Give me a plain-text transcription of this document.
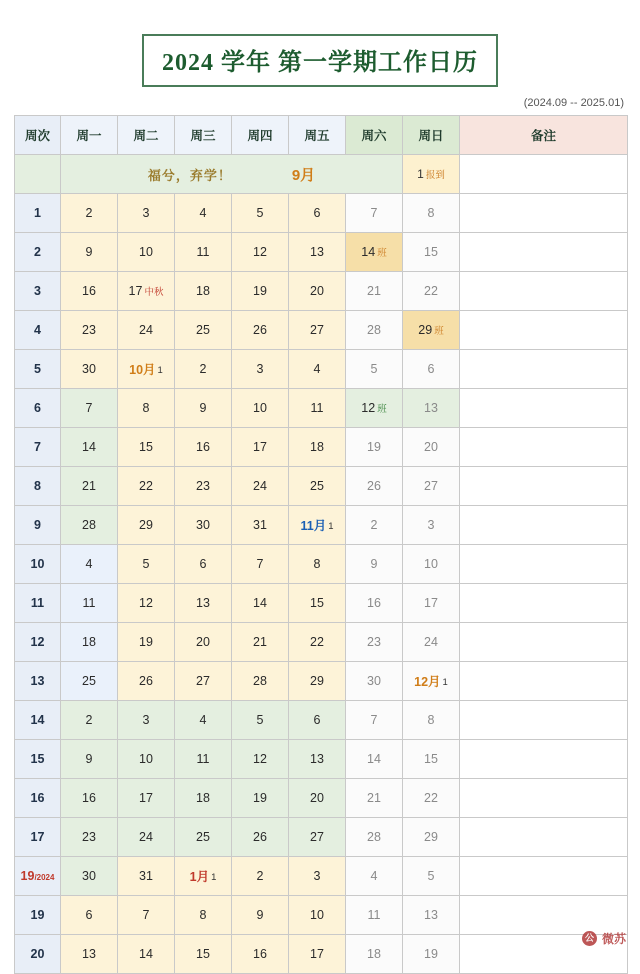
2024 学年 第一学期工作日历
(2024.09 -- 2025.01)
周次	周一	周二	周三	周四	周五	周六	周日	备注

	福兮，弃学！ 9月						1 报到	
1	2	3	4	5	6	7	8	
2	9	10	11	12	13	14 班	15	
3	16	17 中秋	18	19	20	21	22	
4	23	24	25	26	27	28	29 班	
5	30	10月 1	2	3	4	5	6	
6	7	8	9	10	11	12 班	13	
7	14	15	16	17	18	19	20	
8	21	22	23	24	25	26	27	
9	28	29	30	31	11月 1	2	3	
10	4	5	6	7	8	9	10	
11	11	12	13	14	15	16	17	
12	18	19	20	21	22	23	24	
13	25	26	27	28	29	30	12月 1	
14	2	3	4	5	6	7	8	
15	9	10	11	12	13	14	15	
16	16	17	18	19	20	21	22	
17	23	24	25	26	27	28	29	
19/2024	30	31	1月 1	2	3	4	5	
19	6	7	8	9	10	11	13	
20	13	14	15	16	17	18	19	
公 微苏
